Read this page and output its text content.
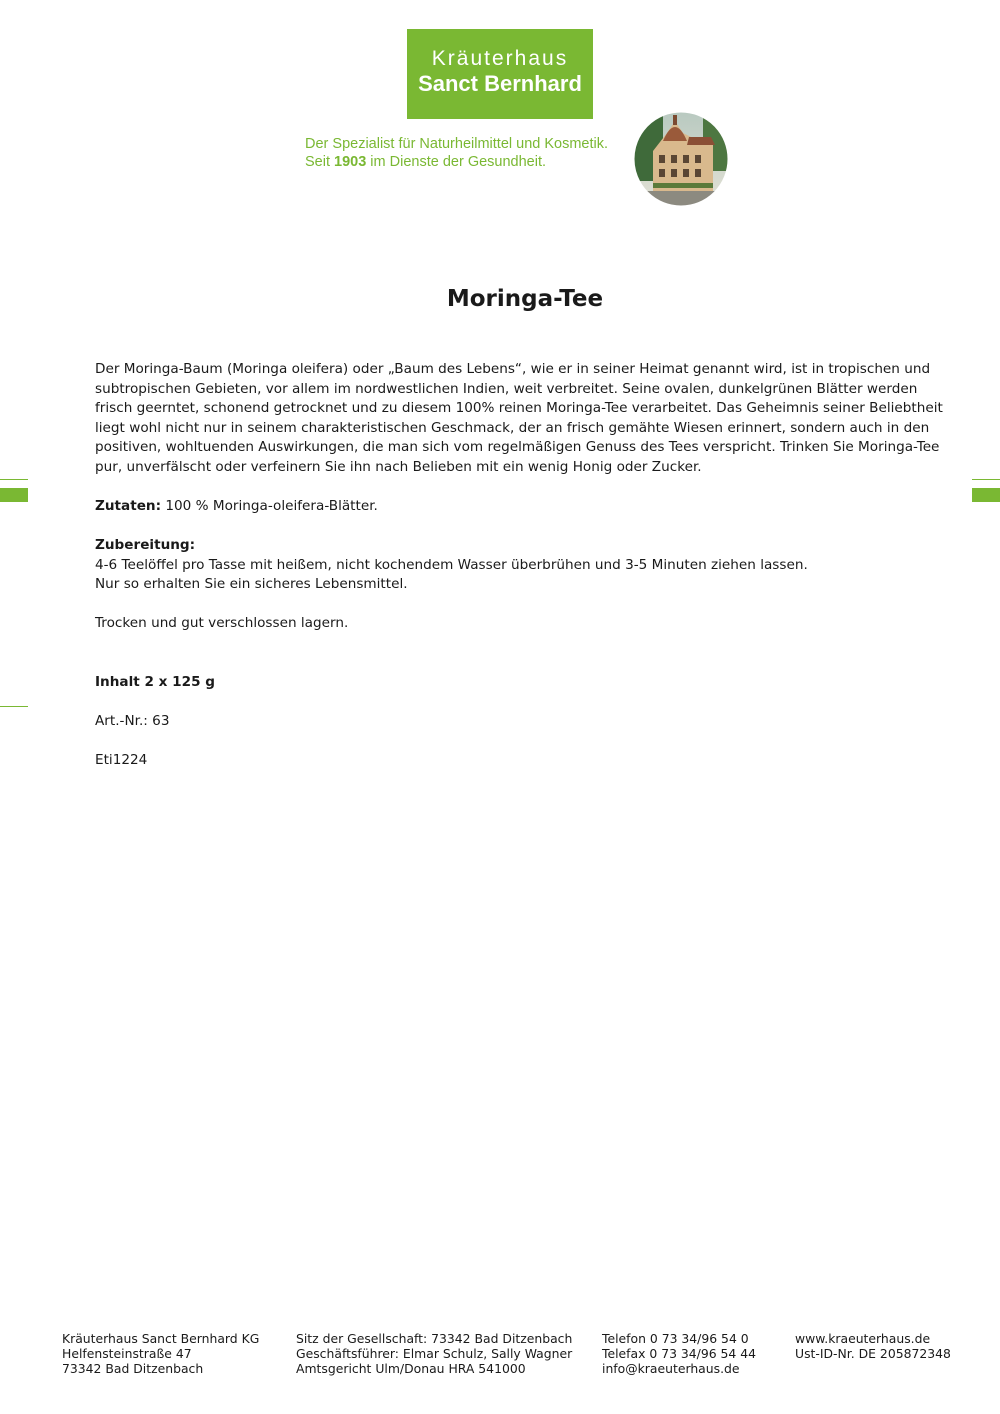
Kräuterhaus
Sanct Bernhard
Der Spezialist für Naturheilmittel und Kosmetik.
Seit 1903 im Dienste der Gesundheit.
Moringa-Tee
Der Moringa-Baum (Moringa oleifera) oder „Baum des Lebens“, wie er in seiner Heimat genannt wird, ist in tropischen und subtropischen Gebieten, vor allem im nordwestlichen Indien, weit verbreitet. Seine ovalen, dunkelgrünen Blätter werden frisch geerntet, schonend getrocknet und zu diesem 100% reinen Moringa-Tee verarbeitet. Das Geheimnis seiner Beliebtheit liegt wohl nicht nur in seinem charakteristischen Geschmack, der an frisch gemähte Wiesen erinnert, sondern auch in den positiven, wohltuenden Auswirkungen, die man sich vom regelmäßigen Genuss des Tees verspricht. Trinken Sie Moringa-Tee pur, unverfälscht oder verfeinern Sie ihn nach Belieben mit ein wenig Honig oder Zucker.
Zutaten: 100 % Moringa-oleifera-Blätter.
Zubereitung:
4-6 Teelöffel pro Tasse mit heißem, nicht kochendem Wasser überbrühen und 3-5 Minuten ziehen lassen.
Nur so erhalten Sie ein sicheres Lebensmittel.
Trocken und gut verschlossen lagern.
Inhalt 2 x 125 g
Art.-Nr.: 63
Eti1224
Kräuterhaus Sanct Bernhard KG
Helfensteinstraße 47
73342 Bad Ditzenbach
Sitz der Gesellschaft: 73342 Bad Ditzenbach
Geschäftsführer: Elmar Schulz, Sally Wagner
Amtsgericht Ulm/Donau HRA 541000
Telefon 0 73 34/96 54 0
Telefax 0 73 34/96 54 44
info@kraeuterhaus.de
www.kraeuterhaus.de
Ust-ID-Nr. DE 205872348
